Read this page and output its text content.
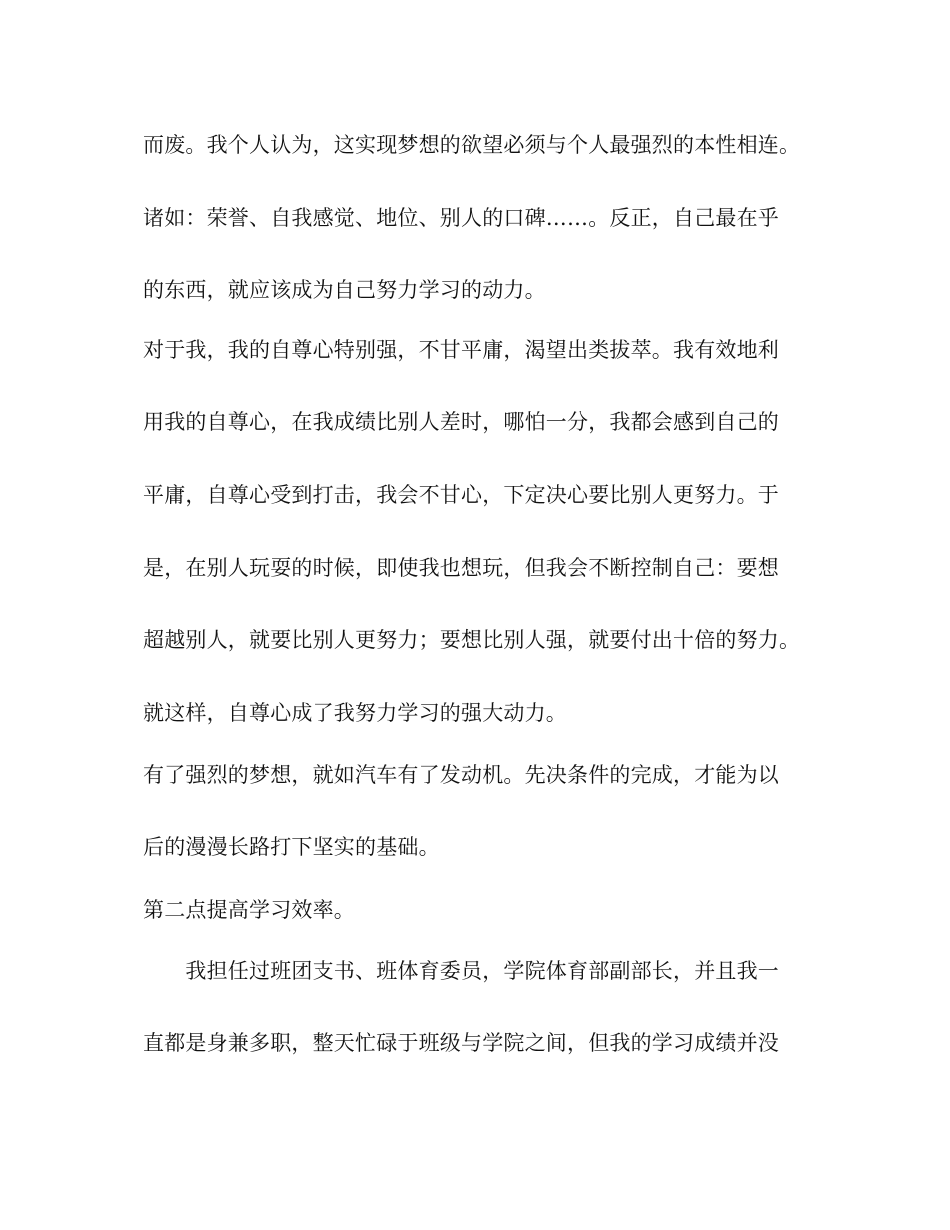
而废。我个人认为，这实现梦想的欲望必须与个人最强烈的本性相连。
诸如：荣誉、自我感觉、地位、别人的口碑……。反正，自己最在乎
的东西，就应该成为自己努力学习的动力。
对于我，我的自尊心特别强，不甘平庸，渴望出类拔萃。我有效地利
用我的自尊心，在我成绩比别人差时，哪怕一分，我都会感到自己的
平庸，自尊心受到打击，我会不甘心，下定决心要比别人更努力。于
是，在别人玩耍的时候，即使我也想玩，但我会不断控制自己：要想
超越别人，就要比别人更努力；要想比别人强，就要付出十倍的努力。
就这样，自尊心成了我努力学习的强大动力。
有了强烈的梦想，就如汽车有了发动机。先决条件的完成，才能为以
后的漫漫长路打下坚实的基础。
第二点提高学习效率。
　　我担任过班团支书、班体育委员，学院体育部副部长，并且我一
直都是身兼多职，整天忙碌于班级与学院之间，但我的学习成绩并没
